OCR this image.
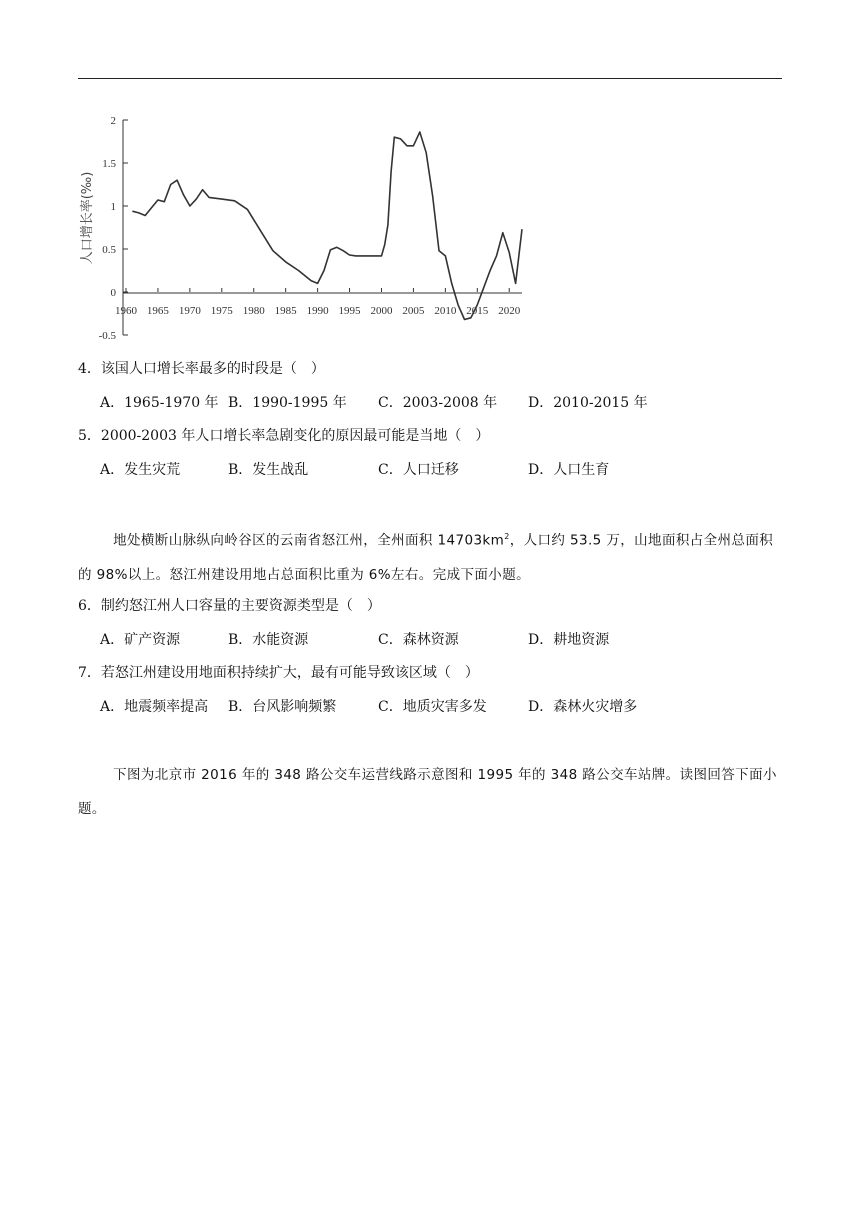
2
1.5
1
0.5
0
-0.5
1960 1965 1970 1975 1980 1985 1990 1995 2000 2005 2010 2015 2020
人口增长率(‰)
4．该国人口增长率最多的时段是（　）
A．1965-1970 年 B．1990-1995 年 C．2003-2008 年 D．2010-2015 年
5．2000-2003 年人口增长率急剧变化的原因最可能是当地（　）
A．发生灾荒	B．发生战乱	C．人口迁移	D．人口生育
地处横断山脉纵向岭谷区的云南省怒江州，全州面积 $14703km^2$，人口约 53.5 万，山地面积占全州总面积的 98%以上。怒江州建设用地占总面积比重为 6%左右。完成下面小题。
6．制约怒江州人口容量的主要资源类型是（　）
A．矿产资源	B．水能资源	C．森林资源	D．耕地资源
7．若怒江州建设用地面积持续扩大，最有可能导致该区域（　）
A．地震频率提高 B．台风影响频繁	C．地质灾害多发	D．森林火灾增多
下图为北京市 2016 年的 348 路公交车运营线路示意图和 1995 年的 348 路公交车站牌。读图回答下面小题。
